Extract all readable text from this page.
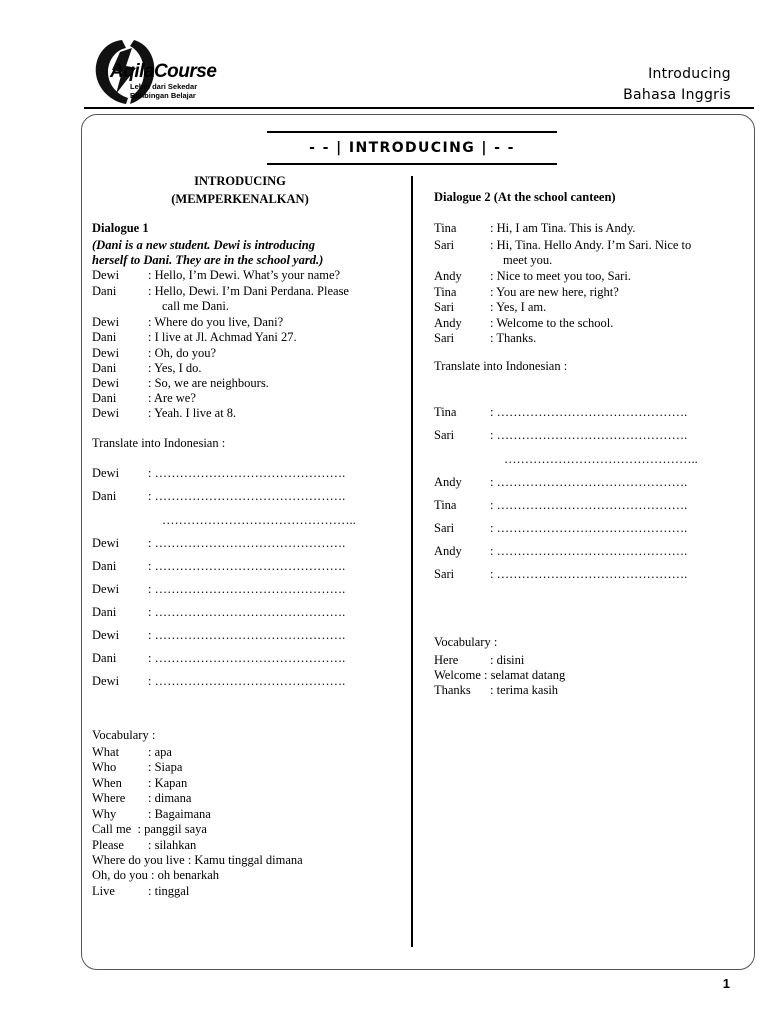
AqilaCourse
Lebih dari Sekedar
Bimbingan Belajar
Introducing
Bahasa Inggris
- - | INTRODUCING | - -
INTRODUCING
(MEMPERKENALKAN)
Dialogue 1
(Dani is a new student. Dewi is introducing
herself to Dani. They are in the school yard.)
Dewi : Hello, I’m Dewi. What’s your name?
Dani	: Hello, Dewi. I’m Dani Perdana. Please
call me Dani.
Dewi : Where do you live, Dani?
Dani	: I live at Jl. Achmad Yani 27.
Dewi : Oh, do you?
Dani	: Yes, I do.
Dewi : So, we are neighbours.
Dani	: Are we?
Dewi : Yeah. I live at 8.
Translate into Indonesian :
Dewi : ……………………………………….
Dani	: ……………………………………….
………………………………………..
Dewi : ……………………………………….
Dani	: ……………………………………….
Dewi : ……………………………………….
Dani	: ……………………………………….
Dewi : ……………………………………….
Dani	: ……………………………………….
Dewi : ……………………………………….
Vocabulary :
What : apa
Who	: Siapa
When : Kapan
Where : dimana
Why	: Bagaimana
Call me : panggil saya
Please : silahkan
Where do you live : Kamu tinggal dimana
Oh, do you : oh benarkah
Live	: tinggal
Dialogue 2 (At the school canteen)
Tina	: Hi, I am Tina. This is Andy.
Sari	: Hi, Tina. Hello Andy. I’m Sari. Nice to
meet you.
Andy : Nice to meet you too, Sari.
Tina	: You are new here, right?
Sari	: Yes, I am.
Andy : Welcome to the school.
Sari	: Thanks.
Translate into Indonesian :
Tina	: ……………………………………….
Sari	: ……………………………………….
………………………………………..
Andy : ……………………………………….
Tina	: ……………………………………….
Sari	: ……………………………………….
Andy : ……………………………………….
Sari	: ……………………………………….
Vocabulary :
Here	: disini
Welcome : selamat datang
Thanks : terima kasih
1
